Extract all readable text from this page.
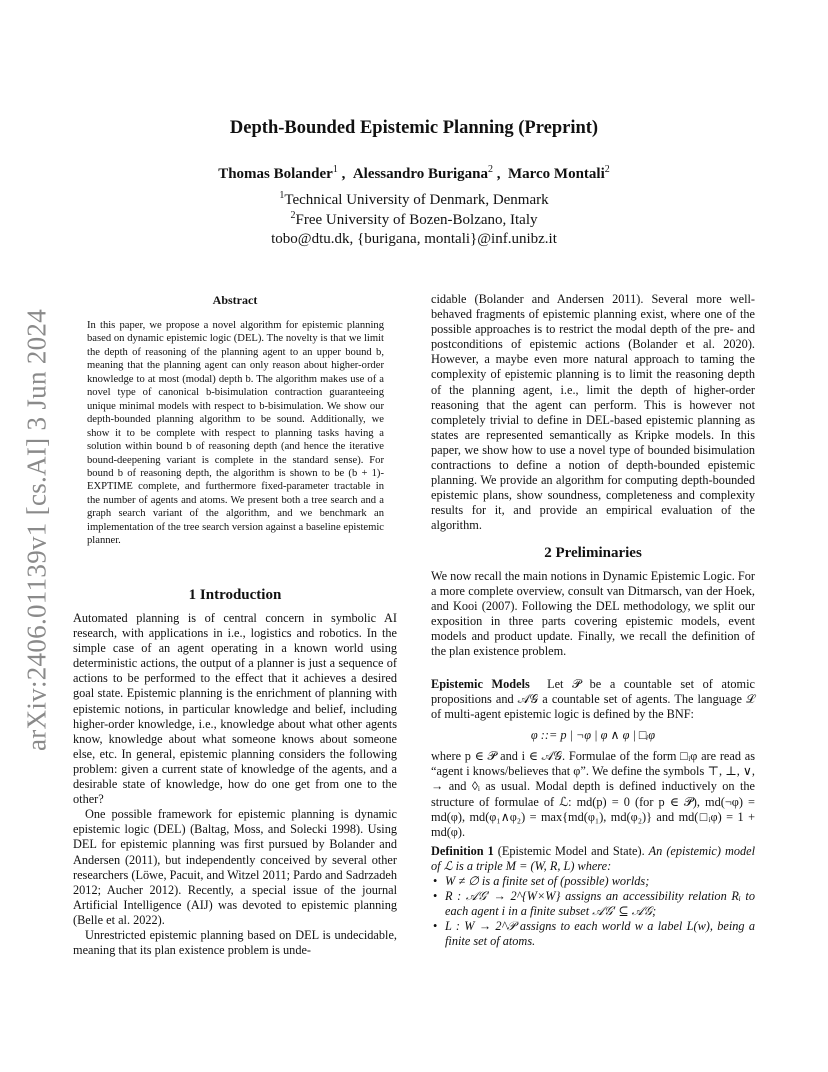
arXiv:2406.01139v1 [cs.AI] 3 Jun 2024
Depth-Bounded Epistemic Planning (Preprint)
Thomas Bolander$^1$ ,  Alessandro Burigana$^2$ ,  Marco Montali$^2$
$^1$Technical University of Denmark, Denmark
$^2$Free University of Bozen-Bolzano, Italy
tobo@dtu.dk, {burigana, montali}@inf.unibz.it
Abstract
In this paper, we propose a novel algorithm for epistemic planning based on dynamic epistemic logic (DEL). The novelty is that we limit the depth of reasoning of the planning agent to an upper bound b, meaning that the planning agent can only reason about higher-order knowledge to at most (modal) depth b. The algorithm makes use of a novel type of canonical b-bisimulation contraction guaranteeing unique minimal models with respect to b-bisimulation. We show our depth-bounded planning algorithm to be sound. Additionally, we show it to be complete with respect to planning tasks having a solution within bound b of reasoning depth (and hence the iterative bound-deepening variant is complete in the standard sense). For bound b of reasoning depth, the algorithm is shown to be (b + 1)-EXPTIME complete, and furthermore fixed-parameter tractable in the number of agents and atoms. We present both a tree search and a graph search variant of the algorithm, and we benchmark an implementation of the tree search version against a baseline epistemic planner.
1 Introduction

Automated planning is of central concern in symbolic AI research, with applications in i.e., logistics and robotics. In the simple case of an agent operating in a known world using deterministic actions, the output of a planner is just a sequence of actions to be performed to the effect that it achieves a desired goal state. Epistemic planning is the enrichment of planning with epistemic notions, in particular knowledge and belief, including higher-order knowledge, i.e., knowledge about what other agents know, knowledge about what someone knows about someone else, etc. In general, epistemic planning considers the following problem: given a current state of knowledge of the agents, and a desirable state of knowledge, how do one get from one to the other?

One possible framework for epistemic planning is dynamic epistemic logic (DEL) (Baltag, Moss, and Solecki 1998). Using DEL for epistemic planning was first pursued by Bolander and Andersen (2011), but independently conceived by several other researchers (Löwe, Pacuit, and Witzel 2011; Pardo and Sadrzadeh 2012; Aucher 2012). Recently, a special issue of the journal Artificial Intelligence (AIJ) was devoted to epistemic planning (Belle et al. 2022).

Unrestricted epistemic planning based on DEL is undecidable, meaning that its plan existence problem is unde-

cidable (Bolander and Andersen 2011). Several more well-behaved fragments of epistemic planning exist, where one of the possible approaches is to restrict the modal depth of the pre- and postconditions of epistemic actions (Bolander et al. 2020). However, a maybe even more natural approach to taming the complexity of epistemic planning is to limit the reasoning depth of the planning agent, i.e., limit the depth of higher-order reasoning that the agent can perform. This is however not completely trivial to define in DEL-based epistemic planning as states are represented semantically as Kripke models. In this paper, we show how to use a novel type of bounded bisimulation contractions to define a notion of depth-bounded epistemic planning. We provide an algorithm for computing depth-bounded epistemic plans, show soundness, completeness and complexity results for it, and provide an empirical evaluation of the algorithm.

2 Preliminaries

We now recall the main notions in Dynamic Epistemic Logic. For a more complete overview, consult van Ditmarsch, van der Hoek, and Kooi (2007). Following the DEL methodology, we split our exposition in three parts covering epistemic models, event models and product update. Finally, we recall the definition of the plan existence problem.

Epistemic Models Let 𝒫 be a countable set of atomic propositions and 𝒜𝒢 a countable set of agents. The language ℒ of multi-agent epistemic logic is defined by the BNF:

φ ::= p | ¬φ | φ ∧ φ | □ᵢφ

where p ∈ 𝒫 and i ∈ 𝒜𝒢. Formulae of the form □ᵢφ are read as “agent i knows/believes that φ”. We define the symbols ⊤, ⊥, ∨, → and ◊ᵢ as usual. Modal depth is defined inductively on the structure of formulae of ℒ: md(p) = 0 (for p ∈ 𝒫), md(¬φ) = md(φ), md(φ₁∧φ₂) = max{md(φ₁), md(φ₂)} and md(□ᵢφ) = 1 + md(φ).

Definition 1 (Epistemic Model and State). An (epistemic) model of ℒ is a triple M = (W, R, L) where:

• W ≠ ∅ is a finite set of (possible) worlds;
• R : 𝒜𝒢′ → 2^{W×W} assigns an accessibility relation Rᵢ to each agent i in a finite subset 𝒜𝒢′ ⊆ 𝒜𝒢;
• L : W → 2^𝒫 assigns to each world w a label L(w), being a finite set of atoms.
